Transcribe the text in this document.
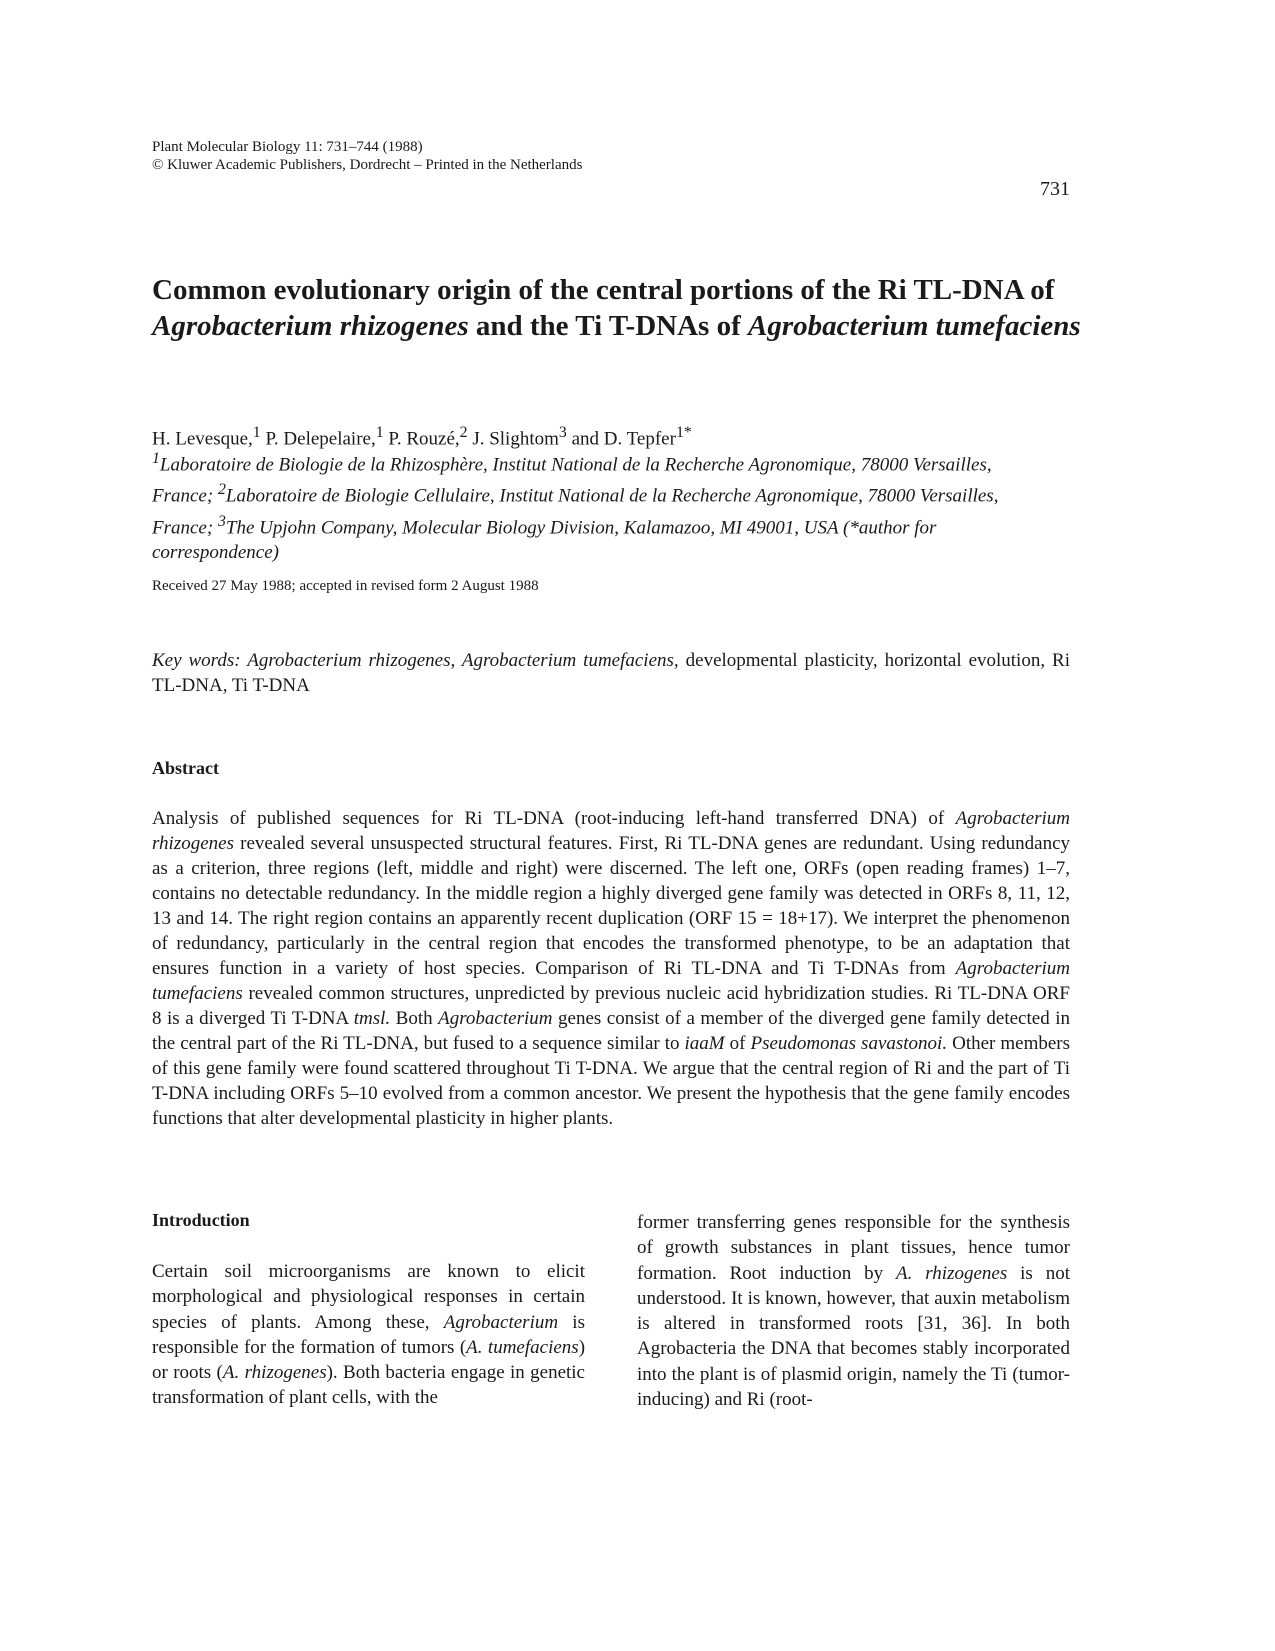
Plant Molecular Biology 11: 731–744 (1988)
© Kluwer Academic Publishers, Dordrecht – Printed in the Netherlands
731
Common evolutionary origin of the central portions of the Ri TL-DNA of Agrobacterium rhizogenes and the Ti T-DNAs of Agrobacterium tumefaciens
H. Levesque,$^1$ P. Delepelaire,$^1$ P. Rouzé,$^2$ J. Slightom$^3$ and D. Tepfer$^{1*}$
$^1$Laboratoire de Biologie de la Rhizosphère, Institut National de la Recherche Agronomique, 78000 Versailles, France; $^2$Laboratoire de Biologie Cellulaire, Institut National de la Recherche Agronomique, 78000 Versailles, France; $^3$The Upjohn Company, Molecular Biology Division, Kalamazoo, MI 49001, USA (*author for correspondence)
Received 27 May 1988; accepted in revised form 2 August 1988
Key words: Agrobacterium rhizogenes, Agrobacterium tumefaciens, developmental plasticity, horizontal evolution, Ri TL-DNA, Ti T-DNA
Abstract
Analysis of published sequences for Ri TL-DNA (root-inducing left-hand transferred DNA) of Agrobacterium rhizogenes revealed several unsuspected structural features. First, Ri TL-DNA genes are redundant. Using redundancy as a criterion, three regions (left, middle and right) were discerned. The left one, ORFs (open reading frames) 1–7, contains no detectable redundancy. In the middle region a highly diverged gene family was detected in ORFs 8, 11, 12, 13 and 14. The right region contains an apparently recent duplication (ORF 15 = 18+17). We interpret the phenomenon of redundancy, particularly in the central region that encodes the transformed phenotype, to be an adaptation that ensures function in a variety of host species. Comparison of Ri TL-DNA and Ti T-DNAs from Agrobacterium tumefaciens revealed common structures, unpredicted by previous nucleic acid hybridization studies. Ri TL-DNA ORF 8 is a diverged Ti T-DNA tmsl. Both Agrobacterium genes consist of a member of the diverged gene family detected in the central part of the Ri TL-DNA, but fused to a sequence similar to iaaM of Pseudomonas savastonoi. Other members of this gene family were found scattered throughout Ti T-DNA. We argue that the central region of Ri and the part of Ti T-DNA including ORFs 5–10 evolved from a common ancestor. We present the hypothesis that the gene family encodes functions that alter developmental plasticity in higher plants.
Introduction
Certain soil microorganisms are known to elicit morphological and physiological responses in certain species of plants. Among these, Agrobacterium is responsible for the formation of tumors (A. tumefaciens) or roots (A. rhizogenes). Both bacteria engage in genetic transformation of plant cells, with the
former transferring genes responsible for the synthesis of growth substances in plant tissues, hence tumor formation. Root induction by A. rhizogenes is not understood. It is known, however, that auxin metabolism is altered in transformed roots [31, 36]. In both Agrobacteria the DNA that becomes stably incorporated into the plant is of plasmid origin, namely the Ti (tumor-inducing) and Ri (root-
